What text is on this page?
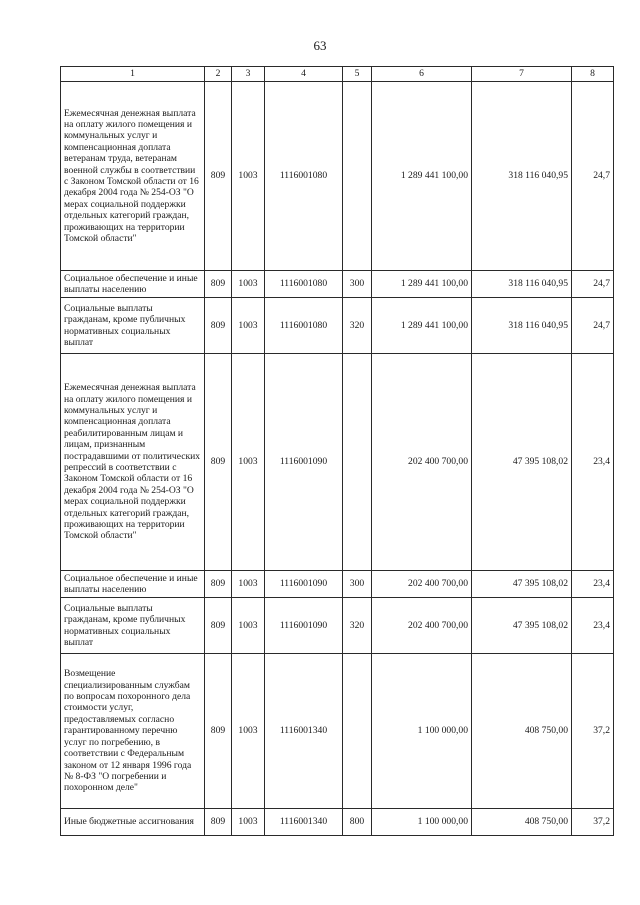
63
1	2	3	4	5	6	7	8
Ежемесячная денежная выплата на оплату жилого помещения и коммунальных услуг и компенсационная доплата ветеранам труда, ветеранам военной службы в соответствии с Законом Томской области от 16 декабря 2004 года № 254-ОЗ "О мерах социальной поддержки отдельных категорий граждан, проживающих на территории Томской области"	809	1003	1116001080		1 289 441 100,00	318 116 040,95	24,7
Социальное обеспечение и иные выплаты населению	809	1003	1116001080	300	1 289 441 100,00	318 116 040,95	24,7
Социальные выплаты гражданам, кроме публичных нормативных социальных выплат	809	1003	1116001080	320	1 289 441 100,00	318 116 040,95	24,7
Ежемесячная денежная выплата на оплату жилого помещения и коммунальных услуг и компенсационная доплата реабилитированным лицам и лицам, признанным пострадавшими от политических репрессий в соответствии с Законом Томской области от 16 декабря 2004 года № 254-ОЗ "О мерах социальной поддержки отдельных категорий граждан, проживающих на территории Томской области"	809	1003	1116001090		202 400 700,00	47 395 108,02	23,4
Социальное обеспечение и иные выплаты населению	809	1003	1116001090	300	202 400 700,00	47 395 108,02	23,4
Социальные выплаты гражданам, кроме публичных нормативных социальных выплат	809	1003	1116001090	320	202 400 700,00	47 395 108,02	23,4
Возмещение специализированным службам по вопросам похоронного дела стоимости услуг, предоставляемых согласно гарантированному перечню услуг по погребению, в соответствии с Федеральным законом от 12 января 1996 года № 8-ФЗ "О погребении и похоронном деле"	809	1003	1116001340		1 100 000,00	408 750,00	37,2
Иные бюджетные ассигнования	809	1003	1116001340	800	1 100 000,00	408 750,00	37,2
